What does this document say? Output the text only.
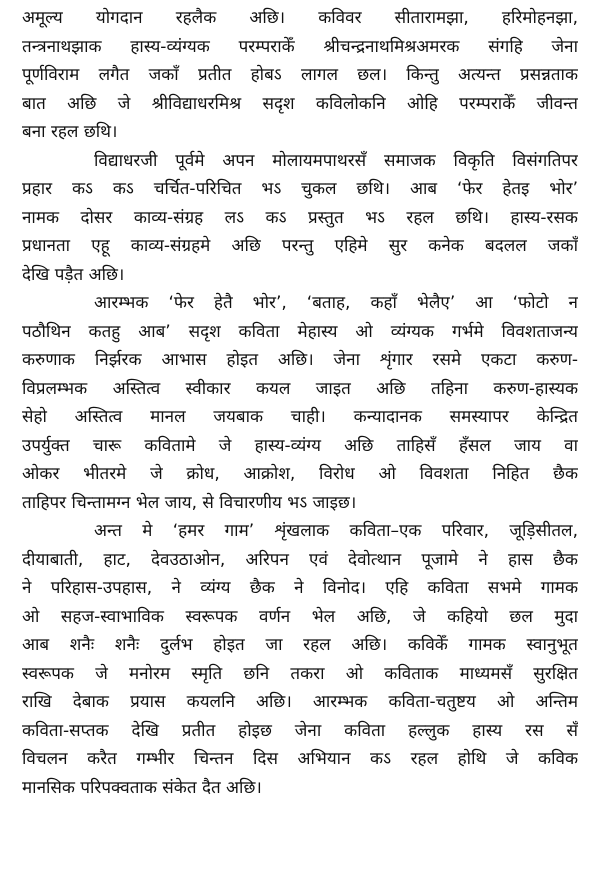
अमूल्य योगदान रहलैक अछि। कविवर सीतारामझा, हरिमोहनझा,
तन्त्रनाथझाक हास्य-व्यंग्यक परम्पराकेँ श्रीचन्द्रनाथमिश्रअमरक संगहि जेना
पूर्णविराम लगैत जकाँ प्रतीत होबऽ लागल छल। किन्तु अत्यन्त प्रसन्नताक
बात अछि जे श्रीविद्याधरमिश्र सदृश कविलोकनि ओहि परम्पराकेँ जीवन्त
बना रहल छथि।
विद्याधरजी पूर्वमे अपन मोलायमपाथरसँ समाजक विकृति विसंगतिपर
प्रहार कऽ कऽ चर्चित-परिचित भऽ चुकल छथि। आब ‘फेर हेतइ भोर’
नामक दोसर काव्य-संग्रह लऽ कऽ प्रस्तुत भऽ रहल छथि। हास्य-रसक
प्रधानता एहू काव्य-संग्रहमे अछि परन्तु एहिमे सुर कनेक बदलल जकाँ
देखि पड़ैत अछि।
आरम्भक ‘फेर हेतै भोर’, ‘बताह, कहाँ भेलैए’ आ ‘फोटो न
पठौथिन कतहु आब’ सदृश कविता मेहास्य ओ व्यंग्यक गर्भमे विवशताजन्य
करुणाक निर्झरक आभास होइत अछि। जेना शृंगार रसमे एकटा करुण-
विप्रलम्भक अस्तित्व स्वीकार कयल जाइत अछि तहिना करुण-हास्यक
सेहो अस्तित्व मानल जयबाक चाही। कन्यादानक समस्यापर केन्द्रित
उपर्युक्त चारू कवितामे जे हास्य-व्यंग्य अछि ताहिसँ हँसल जाय वा
ओकर भीतरमे जे क्रोध, आक्रोश, विरोध ओ विवशता निहित छैक
ताहिपर चिन्तामग्न भेल जाय, से विचारणीय भऽ जाइछ।
अन्त मे ‘हमर गाम’ शृंखलाक कविता–एक परिवार, जूड़िसीतल,
दीयाबाती, हाट, देवउठाओन, अरिपन एवं देवोत्थान पूजामे ने हास छैक
ने परिहास-उपहास, ने व्यंग्य छैक ने विनोद। एहि कविता सभमे गामक
ओ सहज-स्वाभाविक स्वरूपक वर्णन भेल अछि, जे कहियो छल मुदा
आब शनैः शनैः दुर्लभ होइत जा रहल अछि। कविकेँ गामक स्वानुभूत
स्वरूपक जे मनोरम स्मृति छनि तकरा ओ कविताक माध्यमसँ सुरक्षित
राखि देबाक प्रयास कयलनि अछि। आरम्भक कविता-चतुष्टय ओ अन्तिम
कविता-सप्तक देखि प्रतीत होइछ जेना कविता हल्लुक हास्य रस सँ
विचलन करैत गम्भीर चिन्तन दिस अभियान कऽ रहल होथि जे कविक
मानसिक परिपक्वताक संकेत दैत अछि।
